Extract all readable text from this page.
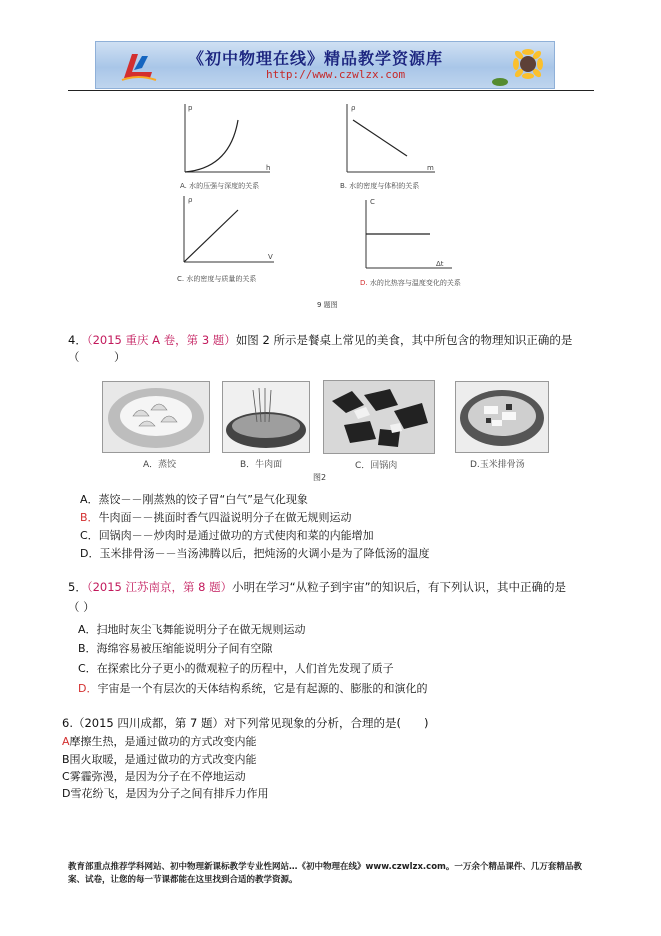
《初中物理在线》精品教学资源库
http://www.czwlzx.com
p
h
A. 水的压强与深度的关系
ρ
m
B. 水的密度与体积的关系
ρ
V
C. 水的密度与质量的关系
C
Δt
D. 水的比热容与温度变化的关系
9 题图
4．（2015 重庆 A 卷，第 3 题）如图 2 所示是餐桌上常见的美食，其中所包含的物理知识正确的是
（　　　）
A．蒸饺	B．牛肉面	C．回锅肉	D.玉米排骨汤
图2
A．蒸饺－－刚蒸熟的饺子冒“白气”是气化现象
B．牛肉面－－挑面时香气四溢说明分子在做无规则运动
C．回锅肉－－炒肉时是通过做功的方式使肉和菜的内能增加
D．玉米排骨汤－－当汤沸腾以后，把炖汤的火调小是为了降低汤的温度
5．（2015 江苏南京，第 8 题）小明在学习“从粒子到宇宙”的知识后，有下列认识，其中正确的是
（ ）
A．扫地时灰尘飞舞能说明分子在做无规则运动
B．海绵容易被压缩能说明分子间有空隙
C．在探索比分子更小的微观粒子的历程中，人们首先发现了质子
D．宇宙是一个有层次的天体结构系统，它是有起源的、膨胀的和演化的
6.（2015 四川成都，第 7 题）对下列常见现象的分析，合理的是(　　)
A摩擦生热，是通过做功的方式改变内能
B围火取暖，是通过做功的方式改变内能
C雾霾弥漫，是因为分子在不停地运动
D雪花纷飞，是因为分子之间有排斥力作用
教育部重点推荐学科网站、初中物理新课标教学专业性网站…《初中物理在线》www.czwlzx.com。一万余个精品课件、几万套精品教案、试卷，让您的每一节课都能在这里找到合适的教学资源。
